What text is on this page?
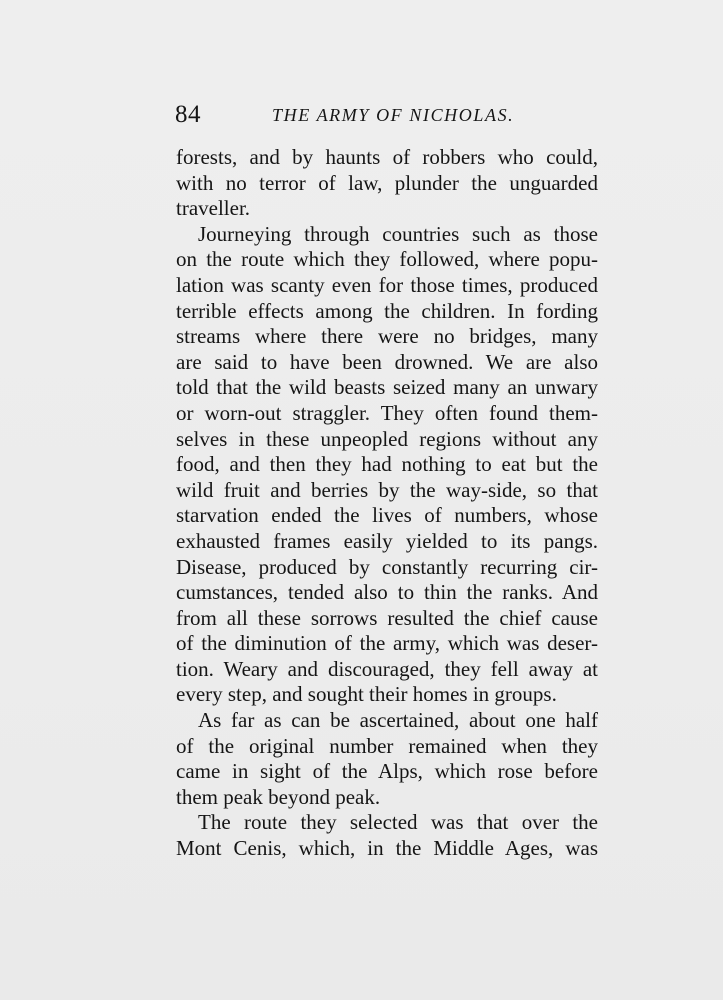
84	THE ARMY OF NICHOLAS.
forests, and by haunts of robbers who could,
with no terror of law, plunder the unguarded
traveller.
Journeying through countries such as those
on the route which they followed, where popu-
lation was scanty even for those times, produced
terrible effects among the children. In fording
streams where there were no bridges, many
are said to have been drowned. We are also
told that the wild beasts seized many an unwary
or worn-out straggler. They often found them-
selves in these unpeopled regions without any
food, and then they had nothing to eat but the
wild fruit and berries by the way-side, so that
starvation ended the lives of numbers, whose
exhausted frames easily yielded to its pangs.
Disease, produced by constantly recurring cir-
cumstances, tended also to thin the ranks. And
from all these sorrows resulted the chief cause
of the diminution of the army, which was deser-
tion. Weary and discouraged, they fell away at
every step, and sought their homes in groups.
As far as can be ascertained, about one half
of the original number remained when they
came in sight of the Alps, which rose before
them peak beyond peak.
The route they selected was that over the
Mont Cenis, which, in the Middle Ages, was
